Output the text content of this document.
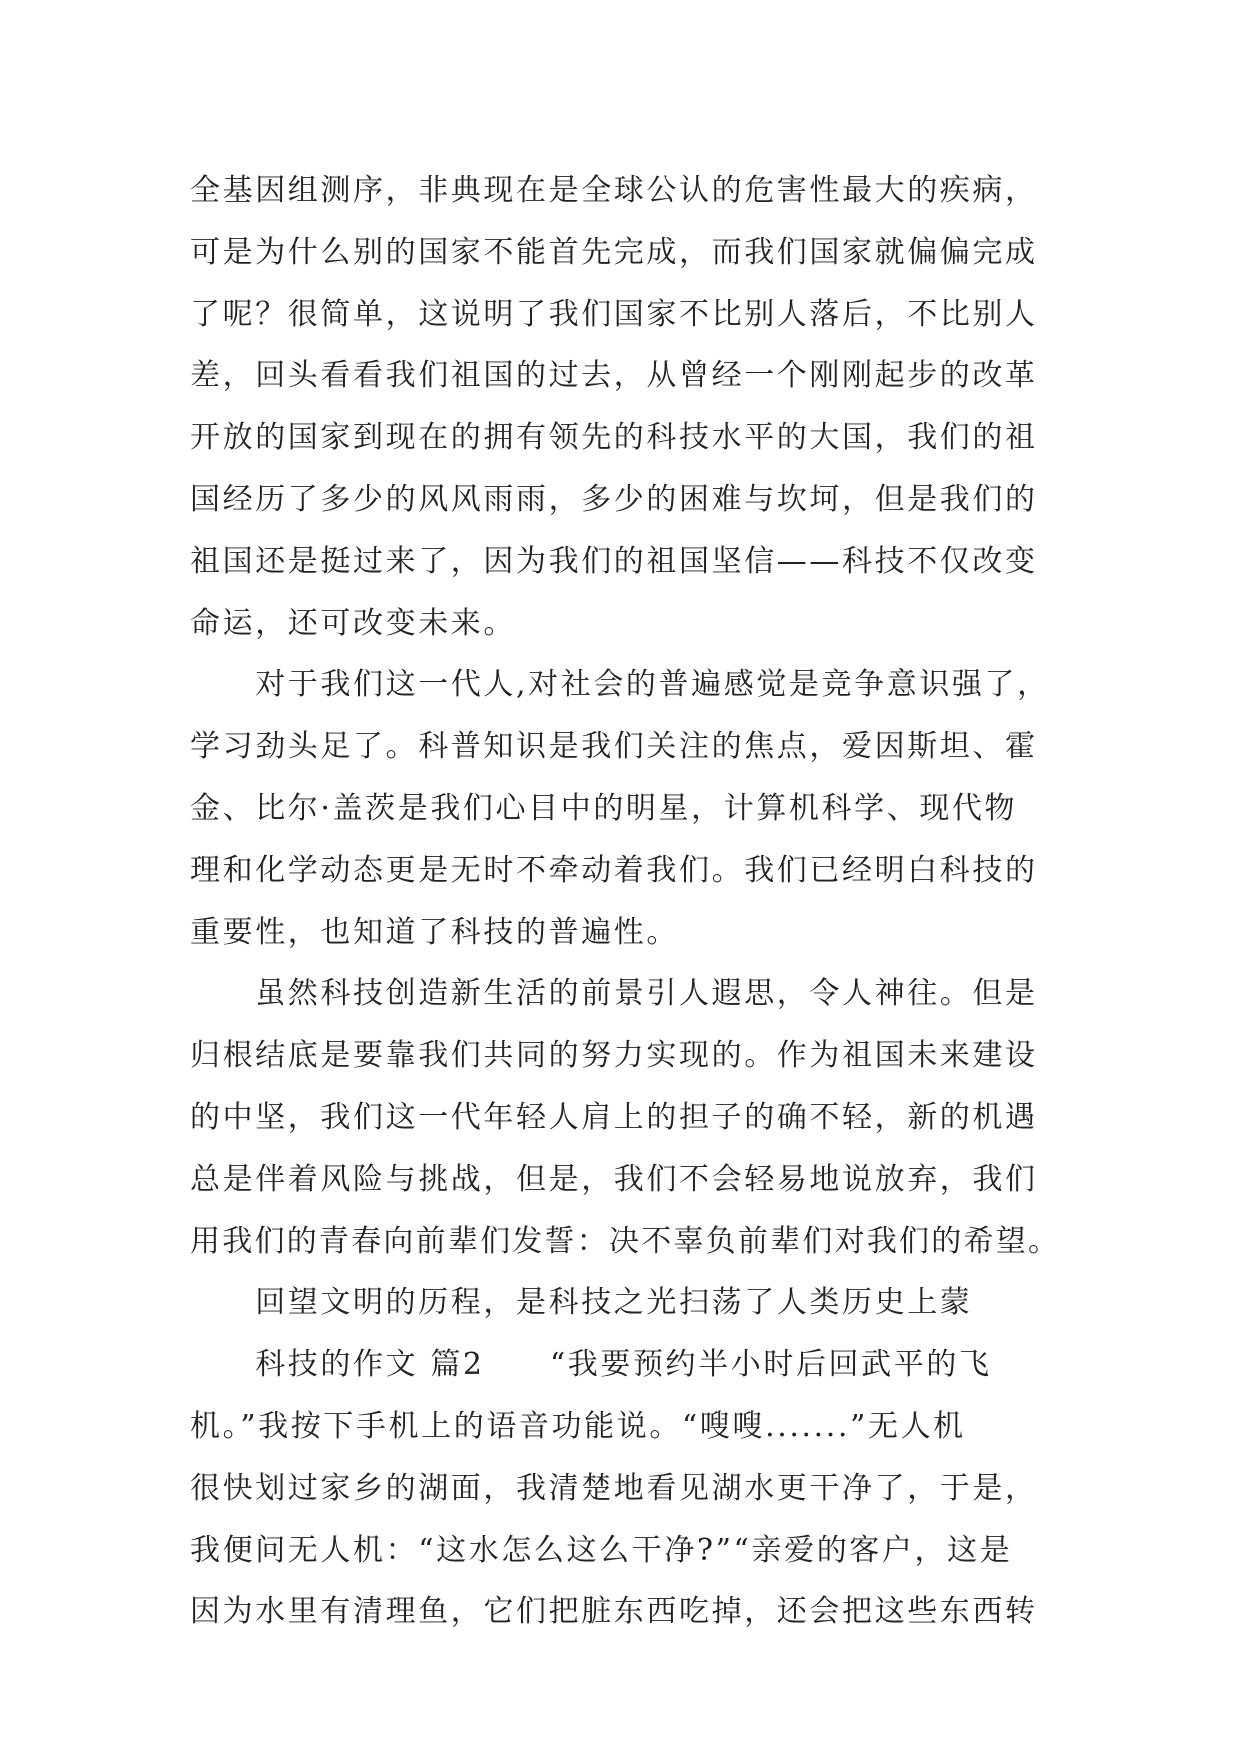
全基因组测序，非典现在是全球公认的危害性最大的疾病，
可是为什么别的国家不能首先完成，而我们国家就偏偏完成
了呢？很简单，这说明了我们国家不比别人落后，不比别人
差，回头看看我们祖国的过去，从曾经一个刚刚起步的改革
开放的国家到现在的拥有领先的科技水平的大国，我们的祖
国经历了多少的风风雨雨，多少的困难与坎坷，但是我们的
祖国还是挺过来了，因为我们的祖国坚信——科技不仅改变
命运，还可改变未来。
　　对于我们这一代人,对社会的普遍感觉是竞争意识强了，
学习劲头足了。科普知识是我们关注的焦点，爱因斯坦、霍
金、比尔·盖茨是我们心目中的明星，计算机科学、现代物
理和化学动态更是无时不牵动着我们。我们已经明白科技的
重要性，也知道了科技的普遍性。
　　虽然科技创造新生活的前景引人遐思，令人神往。但是
归根结底是要靠我们共同的努力实现的。作为祖国未来建设
的中坚，我们这一代年轻人肩上的担子的确不轻，新的机遇
总是伴着风险与挑战，但是，我们不会轻易地说放弃，我们
用我们的青春向前辈们发誓：决不辜负前辈们对我们的希望。
　　回望文明的历程，是科技之光扫荡了人类历史上蒙
　　科技的作文 篇2　　“我要预约半小时后回武平的飞
机。”我按下手机上的语音功能说。“嗖嗖.......”无人机
很快划过家乡的湖面，我清楚地看见湖水更干净了，于是，
我便问无人机：“这水怎么这么干净?”“亲爱的客户，这是
因为水里有清理鱼，它们把脏东西吃掉，还会把这些东西转
